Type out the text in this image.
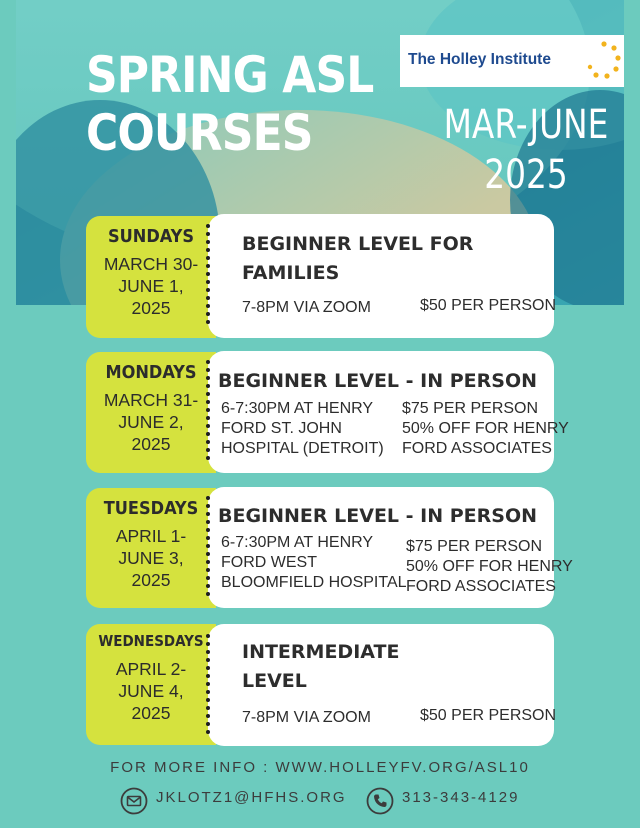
SPRING ASL
COURSES
The Holley Institute
MAR-JUNE
2025
SUNDAYS
MARCH 30-
JUNE 1,
2025
BEGINNER LEVEL FOR
FAMILIES
7-8PM VIA ZOOM	$50 PER PERSON
MONDAYS
MARCH 31-
JUNE 2,
2025
BEGINNER LEVEL - IN PERSON
6-7:30PM AT HENRY
FORD ST. JOHN
HOSPITAL (DETROIT)
$75 PER PERSON
50% OFF FOR HENRY
FORD ASSOCIATES
TUESDAYS
APRIL 1-
JUNE 3,
2025
BEGINNER LEVEL - IN PERSON
6-7:30PM AT HENRY
FORD WEST
BLOOMFIELD HOSPITAL
$75 PER PERSON
50% OFF FOR HENRY
FORD ASSOCIATES
WEDNESDAYS
APRIL 2-
JUNE 4,
2025
INTERMEDIATE
LEVEL
7-8PM VIA ZOOM	$50 PER PERSON
FOR MORE INFO : WWW.HOLLEYFV.ORG/ASL10
JKLOTZ1@HFHS.ORG	313-343-4129
